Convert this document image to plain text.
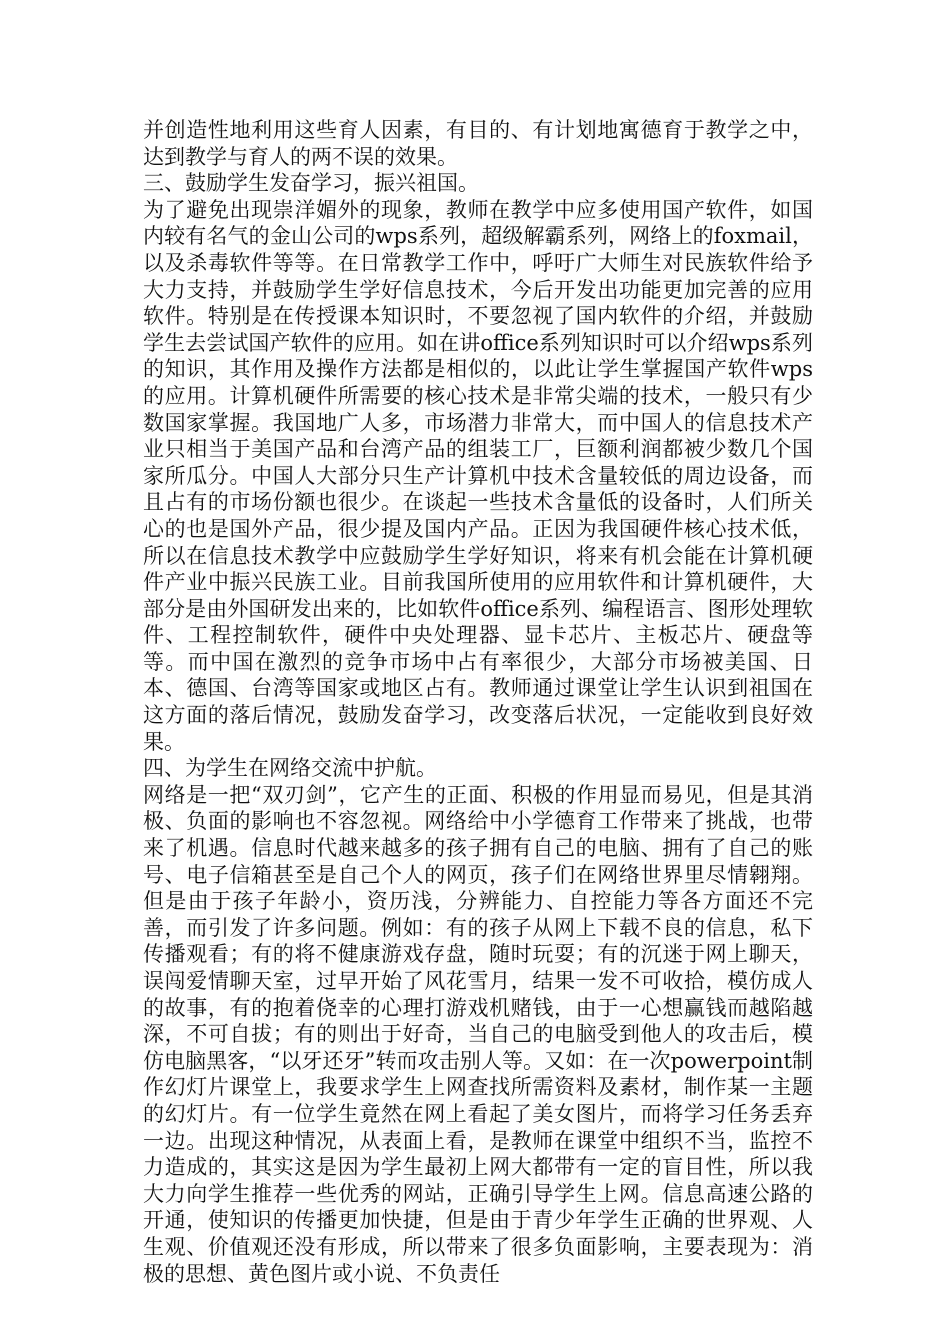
并创造性地利用这些育人因素，有目的、有计划地寓德育于教学之中，达到教学与育人的两不误的效果。

三、鼓励学生发奋学习，振兴祖国。

为了避免出现崇洋媚外的现象，教师在教学中应多使用国产软件，如国内较有名气的金山公司的wps系列，超级解霸系列，网络上的foxmail，以及杀毒软件等等。在日常教学工作中，呼吁广大师生对民族软件给予大力支持，并鼓励学生学好信息技术，今后开发出功能更加完善的应用软件。特别是在传授课本知识时，不要忽视了国内软件的介绍，并鼓励学生去尝试国产软件的应用。如在讲office系列知识时可以介绍wps系列的知识，其作用及操作方法都是相似的，以此让学生掌握国产软件wps的应用。计算机硬件所需要的核心技术是非常尖端的技术，一般只有少数国家掌握。我国地广人多，市场潜力非常大，而中国人的信息技术产业只相当于美国产品和台湾产品的组装工厂，巨额利润都被少数几个国家所瓜分。中国人大部分只生产计算机中技术含量较低的周边设备，而且占有的市场份额也很少。在谈起一些技术含量低的设备时，人们所关心的也是国外产品，很少提及国内产品。正因为我国硬件核心技术低，所以在信息技术教学中应鼓励学生学好知识，将来有机会能在计算机硬件产业中振兴民族工业。目前我国所使用的应用软件和计算机硬件，大部分是由外国研发出来的，比如软件office系列、编程语言、图形处理软件、工程控制软件，硬件中央处理器、显卡芯片、主板芯片、硬盘等等。而中国在激烈的竞争市场中占有率很少，大部分市场被美国、日本、德国、台湾等国家或地区占有。教师通过课堂让学生认识到祖国在这方面的落后情况，鼓励发奋学习，改变落后状况，一定能收到良好效果。

四、为学生在网络交流中护航。

网络是一把“双刃剑”，它产生的正面、积极的作用显而易见，但是其消极、负面的影响也不容忽视。网络给中小学德育工作带来了挑战，也带来了机遇。信息时代越来越多的孩子拥有自己的电脑、拥有了自己的账号、电子信箱甚至是自己个人的网页，孩子们在网络世界里尽情翱翔。但是由于孩子年龄小，资历浅，分辨能力、自控能力等各方面还不完善，而引发了许多问题。例如：有的孩子从网上下载不良的信息，私下传播观看；有的将不健康游戏存盘，随时玩耍；有的沉迷于网上聊天，误闯爱情聊天室，过早开始了风花雪月，结果一发不可收拾，模仿成人的故事，有的抱着侥幸的心理打游戏机赌钱，由于一心想赢钱而越陷越深，不可自拔；有的则出于好奇，当自己的电脑受到他人的攻击后，模仿电脑黑客，“以牙还牙”转而攻击别人等。又如：在一次powerpoint制作幻灯片课堂上，我要求学生上网查找所需资料及素材，制作某一主题的幻灯片。有一位学生竟然在网上看起了美女图片，而将学习任务丢弃一边。出现这种情况，从表面上看，是教师在课堂中组织不当，监控不力造成的，其实这是因为学生最初上网大都带有一定的盲目性，所以我大力向学生推荐一些优秀的网站，正确引导学生上网。信息高速公路的开通，使知识的传播更加快捷，但是由于青少年学生正确的世界观、人生观、价值观还没有形成，所以带来了很多负面影响，主要表现为：消极的思想、黄色图片或小说、不负责任
